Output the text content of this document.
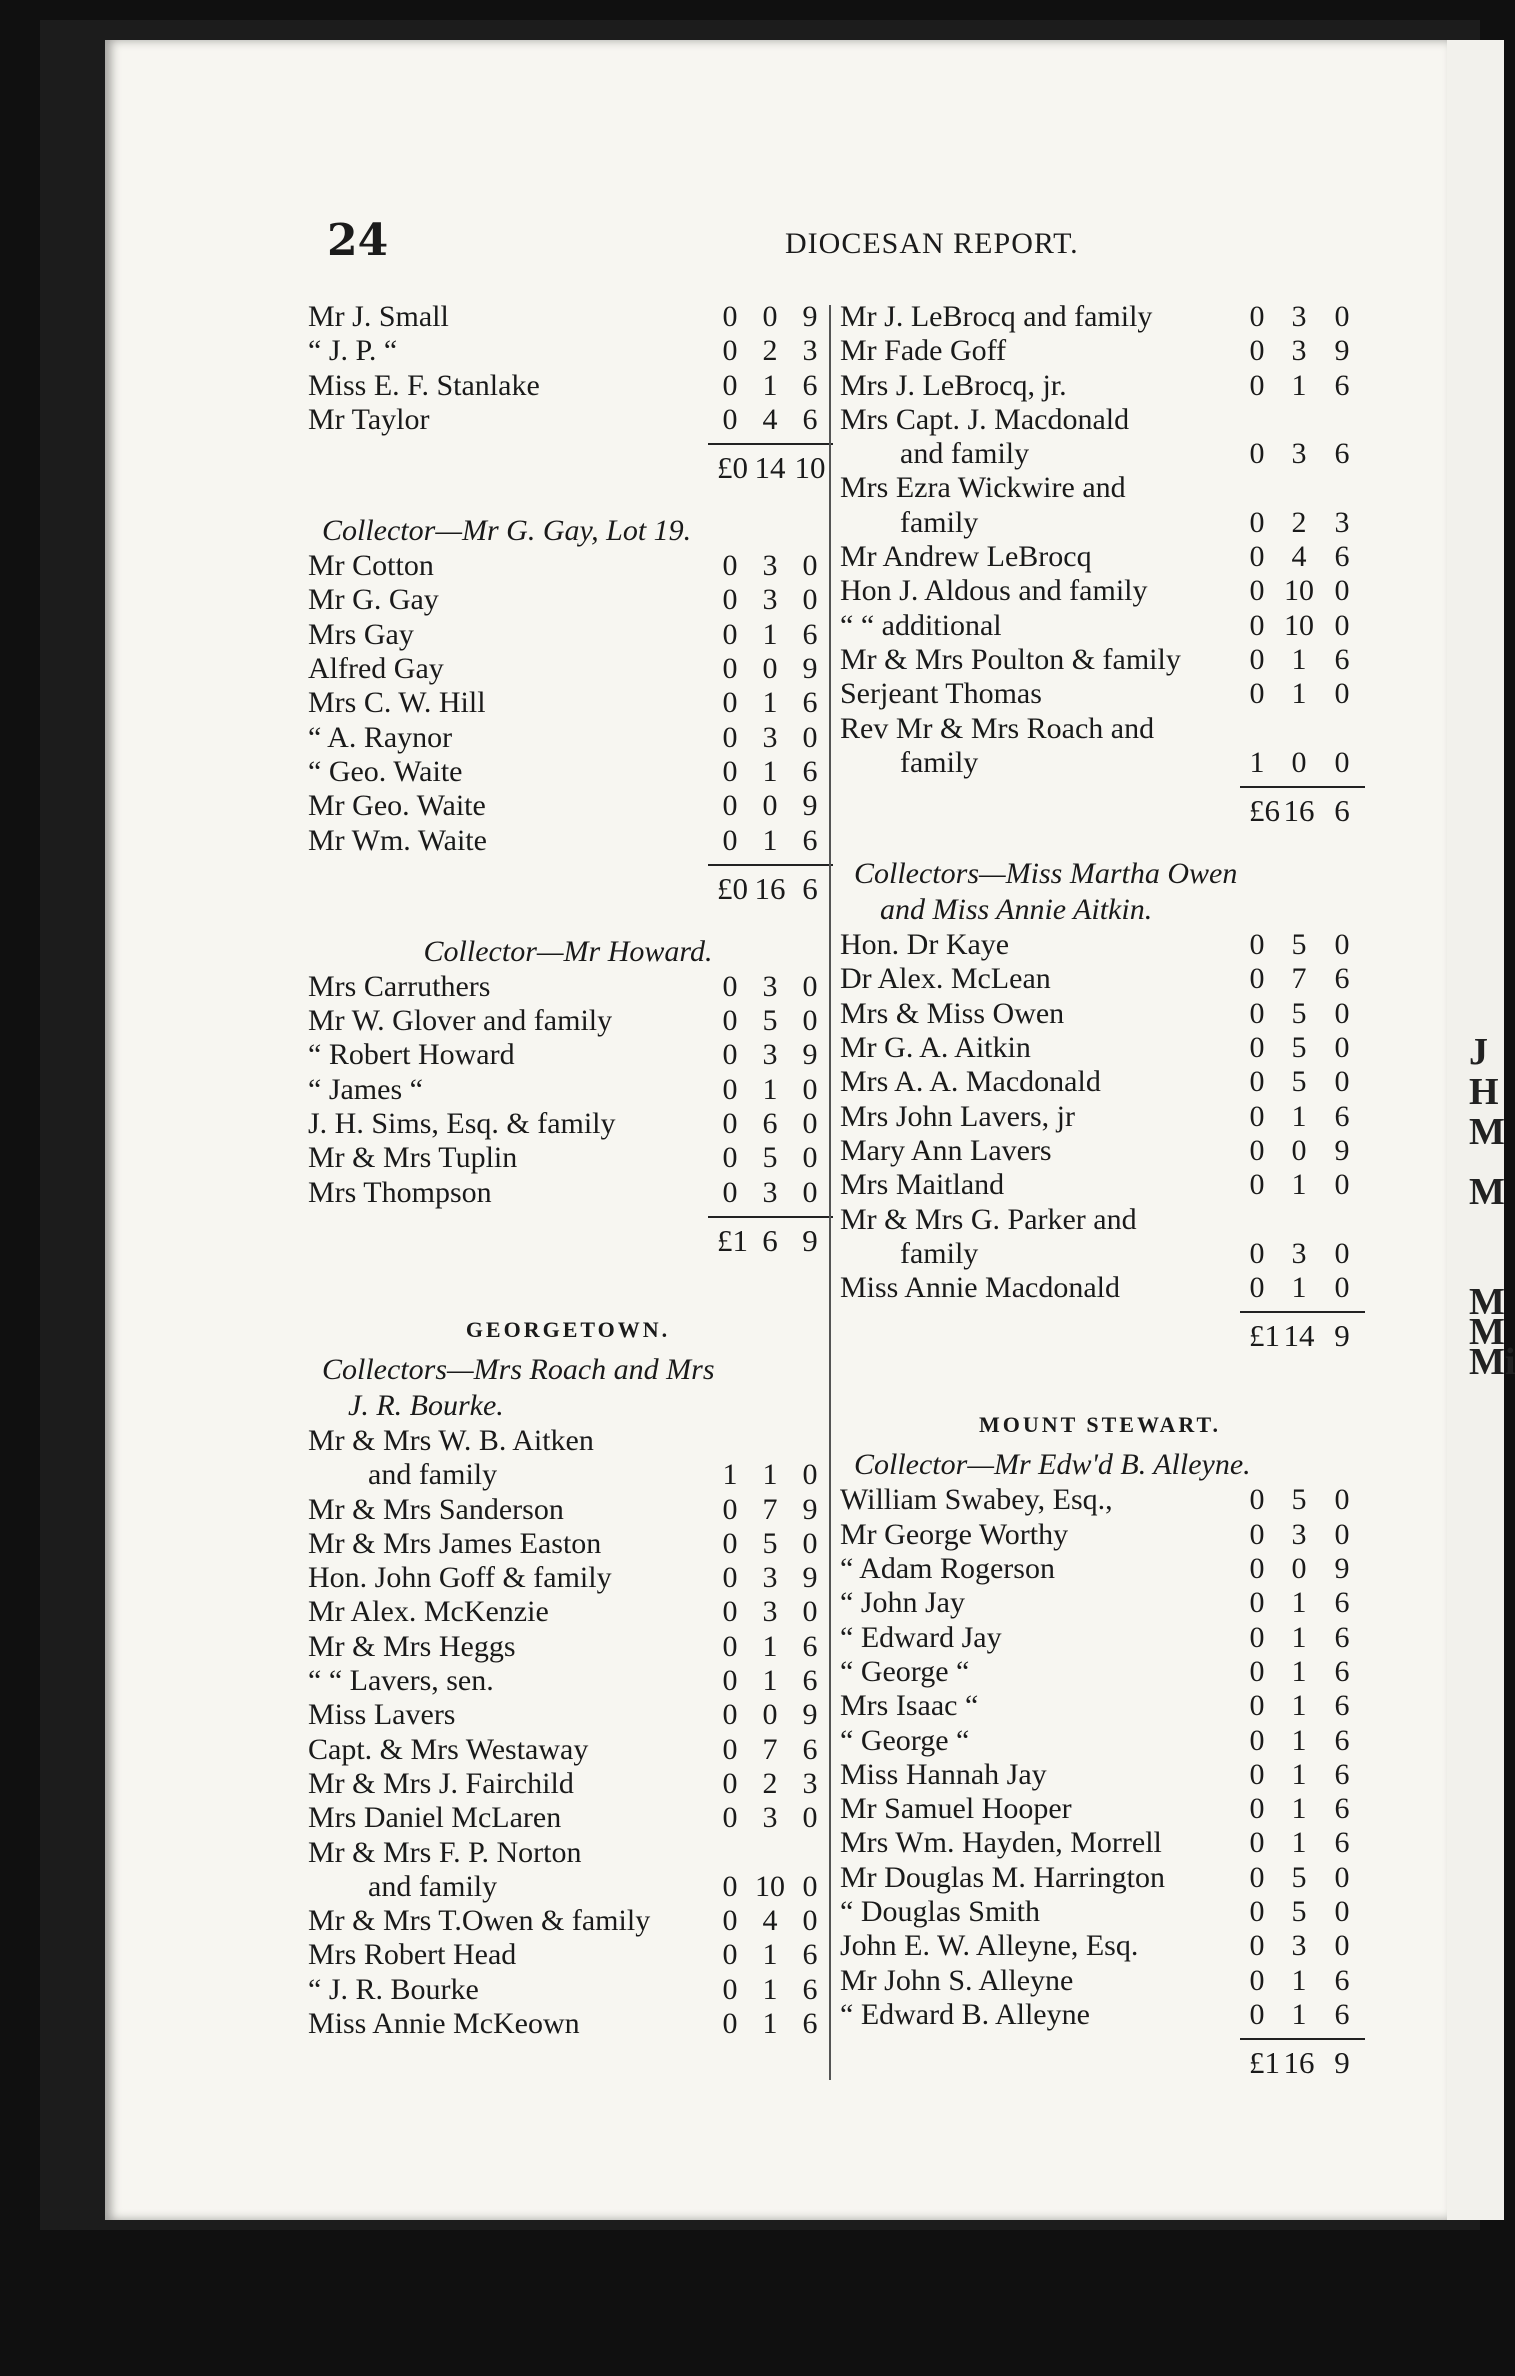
24	DIOCESAN REPORT.
Mr J. Small	0 0 9
“ J. P. “	0 2 3
Miss E. F. Stanlake	0 1 6
Mr Taylor	0 4 6
£0 14 10
Collector—Mr G. Gay, Lot 19.
Mr Cotton	0 3 0
Mr G. Gay	0 3 0
Mrs Gay	0 1 6
Alfred Gay	0 0 9
Mrs C. W. Hill	0 1 6
“ A. Raynor	0 3 0
“ Geo. Waite	0 1 6
Mr Geo. Waite	0 0 9
Mr Wm. Waite	0 1 6
£0 16 6
Collector—Mr Howard.
Mrs Carruthers	0 3 0
Mr W. Glover and family	0 5 0
“ Robert Howard	0 3 9
“ James “	0 1 0
J. H. Sims, Esq. & family	0 6 0
Mr & Mrs Tuplin	0 5 0
Mrs Thompson	0 3 0
£1 6 9
GEORGETOWN.
Collectors—Mrs Roach and Mrs
J. R. Bourke.
Mr & Mrs W. B. Aitken
and family	1 1 0
Mr & Mrs Sanderson	0 7 9
Mr & Mrs James Easton	0 5 0
Hon. John Goff & family	0 3 9
Mr Alex. McKenzie	0 3 0
Mr & Mrs Heggs	0 1 6
“ “ Lavers, sen.	0 1 6
Miss Lavers	0 0 9
Capt. & Mrs Westaway	0 7 6
Mr & Mrs J. Fairchild	0 2 3
Mrs Daniel McLaren	0 3 0
Mr & Mrs F. P. Norton
and family	0 10 0
Mr & Mrs T.Owen & family	0 4 0
Mrs Robert Head	0 1 6
“ J. R. Bourke	0 1 6
Miss Annie McKeown	0 1 6
Mr J. LeBrocq and family	0 3 0
Mr Fade Goff	0 3 9
Mrs J. LeBrocq, jr.	0 1 6
Mrs Capt. J. Macdonald
and family	0 3 6
Mrs Ezra Wickwire and
family	0 2 3
Mr Andrew LeBrocq	0 4 6
Hon J. Aldous and family	0 10 0
“ “ additional	0 10 0
Mr & Mrs Poulton & family	0 1 6
Serjeant Thomas	0 1 0
Rev Mr & Mrs Roach and
family	1 0 0
£6 16 6
Collectors—Miss Martha Owen
and Miss Annie Aitkin.
Hon. Dr Kaye	0 5 0
Dr Alex. McLean	0 7 6
Mrs & Miss Owen	0 5 0
Mr G. A. Aitkin	0 5 0
Mrs A. A. Macdonald	0 5 0
Mrs John Lavers, jr	0 1 6
Mary Ann Lavers	0 0 9
Mrs Maitland	0 1 0
Mr & Mrs G. Parker and
family	0 3 0
Miss Annie Macdonald	0 1 0
£1 14 9
MOUNT STEWART.
Collector—Mr Edw'd B. Alleyne.
William Swabey, Esq.,	0 5 0
Mr George Worthy	0 3 0
“ Adam Rogerson	0 0 9
“ John Jay	0 1 6
“ Edward Jay	0 1 6
“ George “	0 1 6
Mrs Isaac “	0 1 6
“ George “	0 1 6
Miss Hannah Jay	0 1 6
Mr Samuel Hooper	0 1 6
Mrs Wm. Hayden, Morrell	0 1 6
Mr Douglas M. Harrington	0 5 0
“ Douglas Smith	0 5 0
John E. W. Alleyne, Esq.	0 3 0
Mr John S. Alleyne	0 1 6
“ Edward B. Alleyne	0 1 6
£1 16 9
J
H
M
M
M
M
Mi
